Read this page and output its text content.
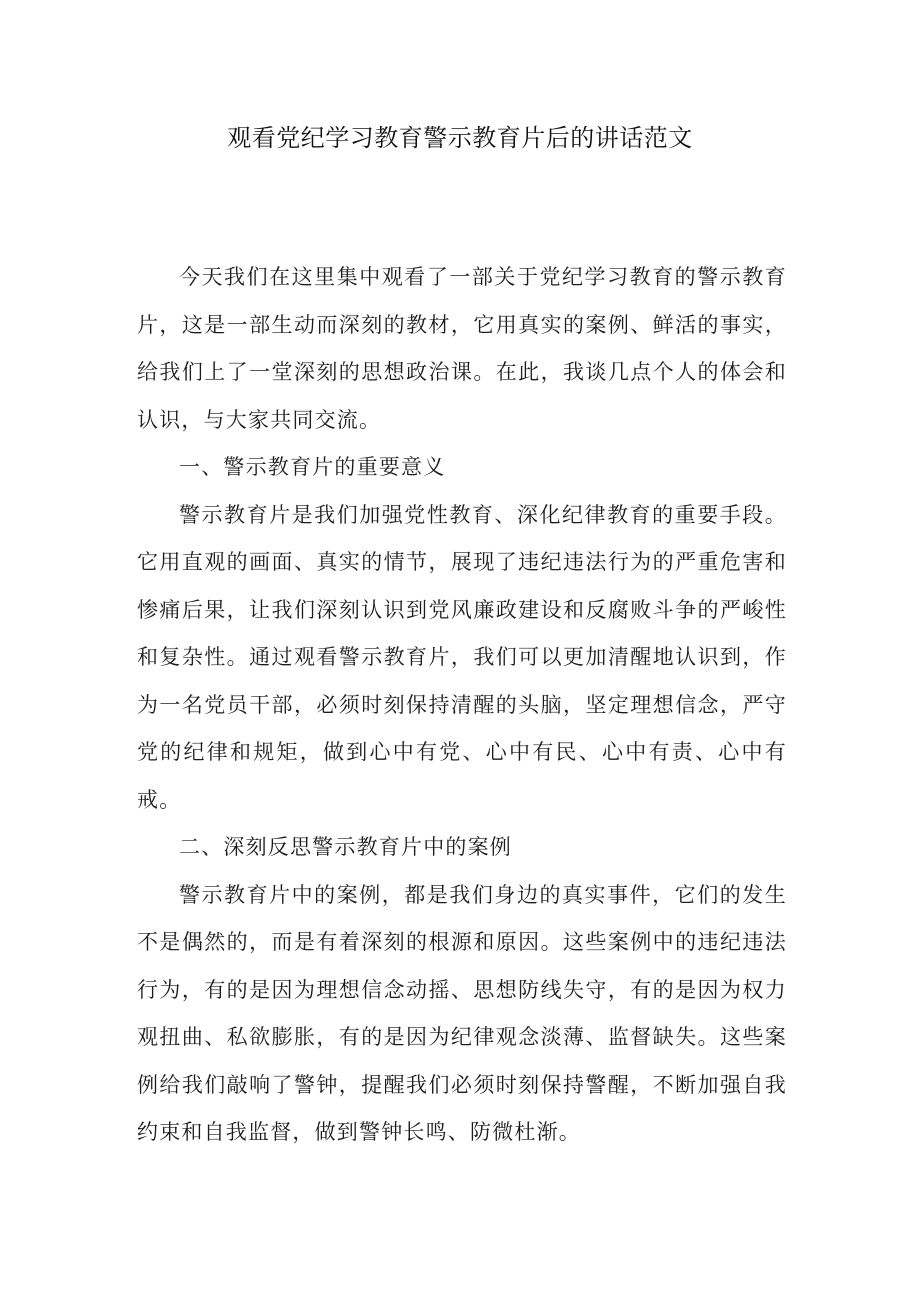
观看党纪学习教育警示教育片后的讲话范文

今天我们在这里集中观看了一部关于党纪学习教育的警示教育片，这是一部生动而深刻的教材，它用真实的案例、鲜活的事实，给我们上了一堂深刻的思想政治课。在此，我谈几点个人的体会和认识，与大家共同交流。

一、警示教育片的重要意义

警示教育片是我们加强党性教育、深化纪律教育的重要手段。它用直观的画面、真实的情节，展现了违纪违法行为的严重危害和惨痛后果，让我们深刻认识到党风廉政建设和反腐败斗争的严峻性和复杂性。通过观看警示教育片，我们可以更加清醒地认识到，作为一名党员干部，必须时刻保持清醒的头脑，坚定理想信念，严守党的纪律和规矩，做到心中有党、心中有民、心中有责、心中有戒。

二、深刻反思警示教育片中的案例

警示教育片中的案例，都是我们身边的真实事件，它们的发生不是偶然的，而是有着深刻的根源和原因。这些案例中的违纪违法行为，有的是因为理想信念动摇、思想防线失守，有的是因为权力观扭曲、私欲膨胀，有的是因为纪律观念淡薄、监督缺失。这些案例给我们敲响了警钟，提醒我们必须时刻保持警醒，不断加强自我约束和自我监督，做到警钟长鸣、防微杜渐。
